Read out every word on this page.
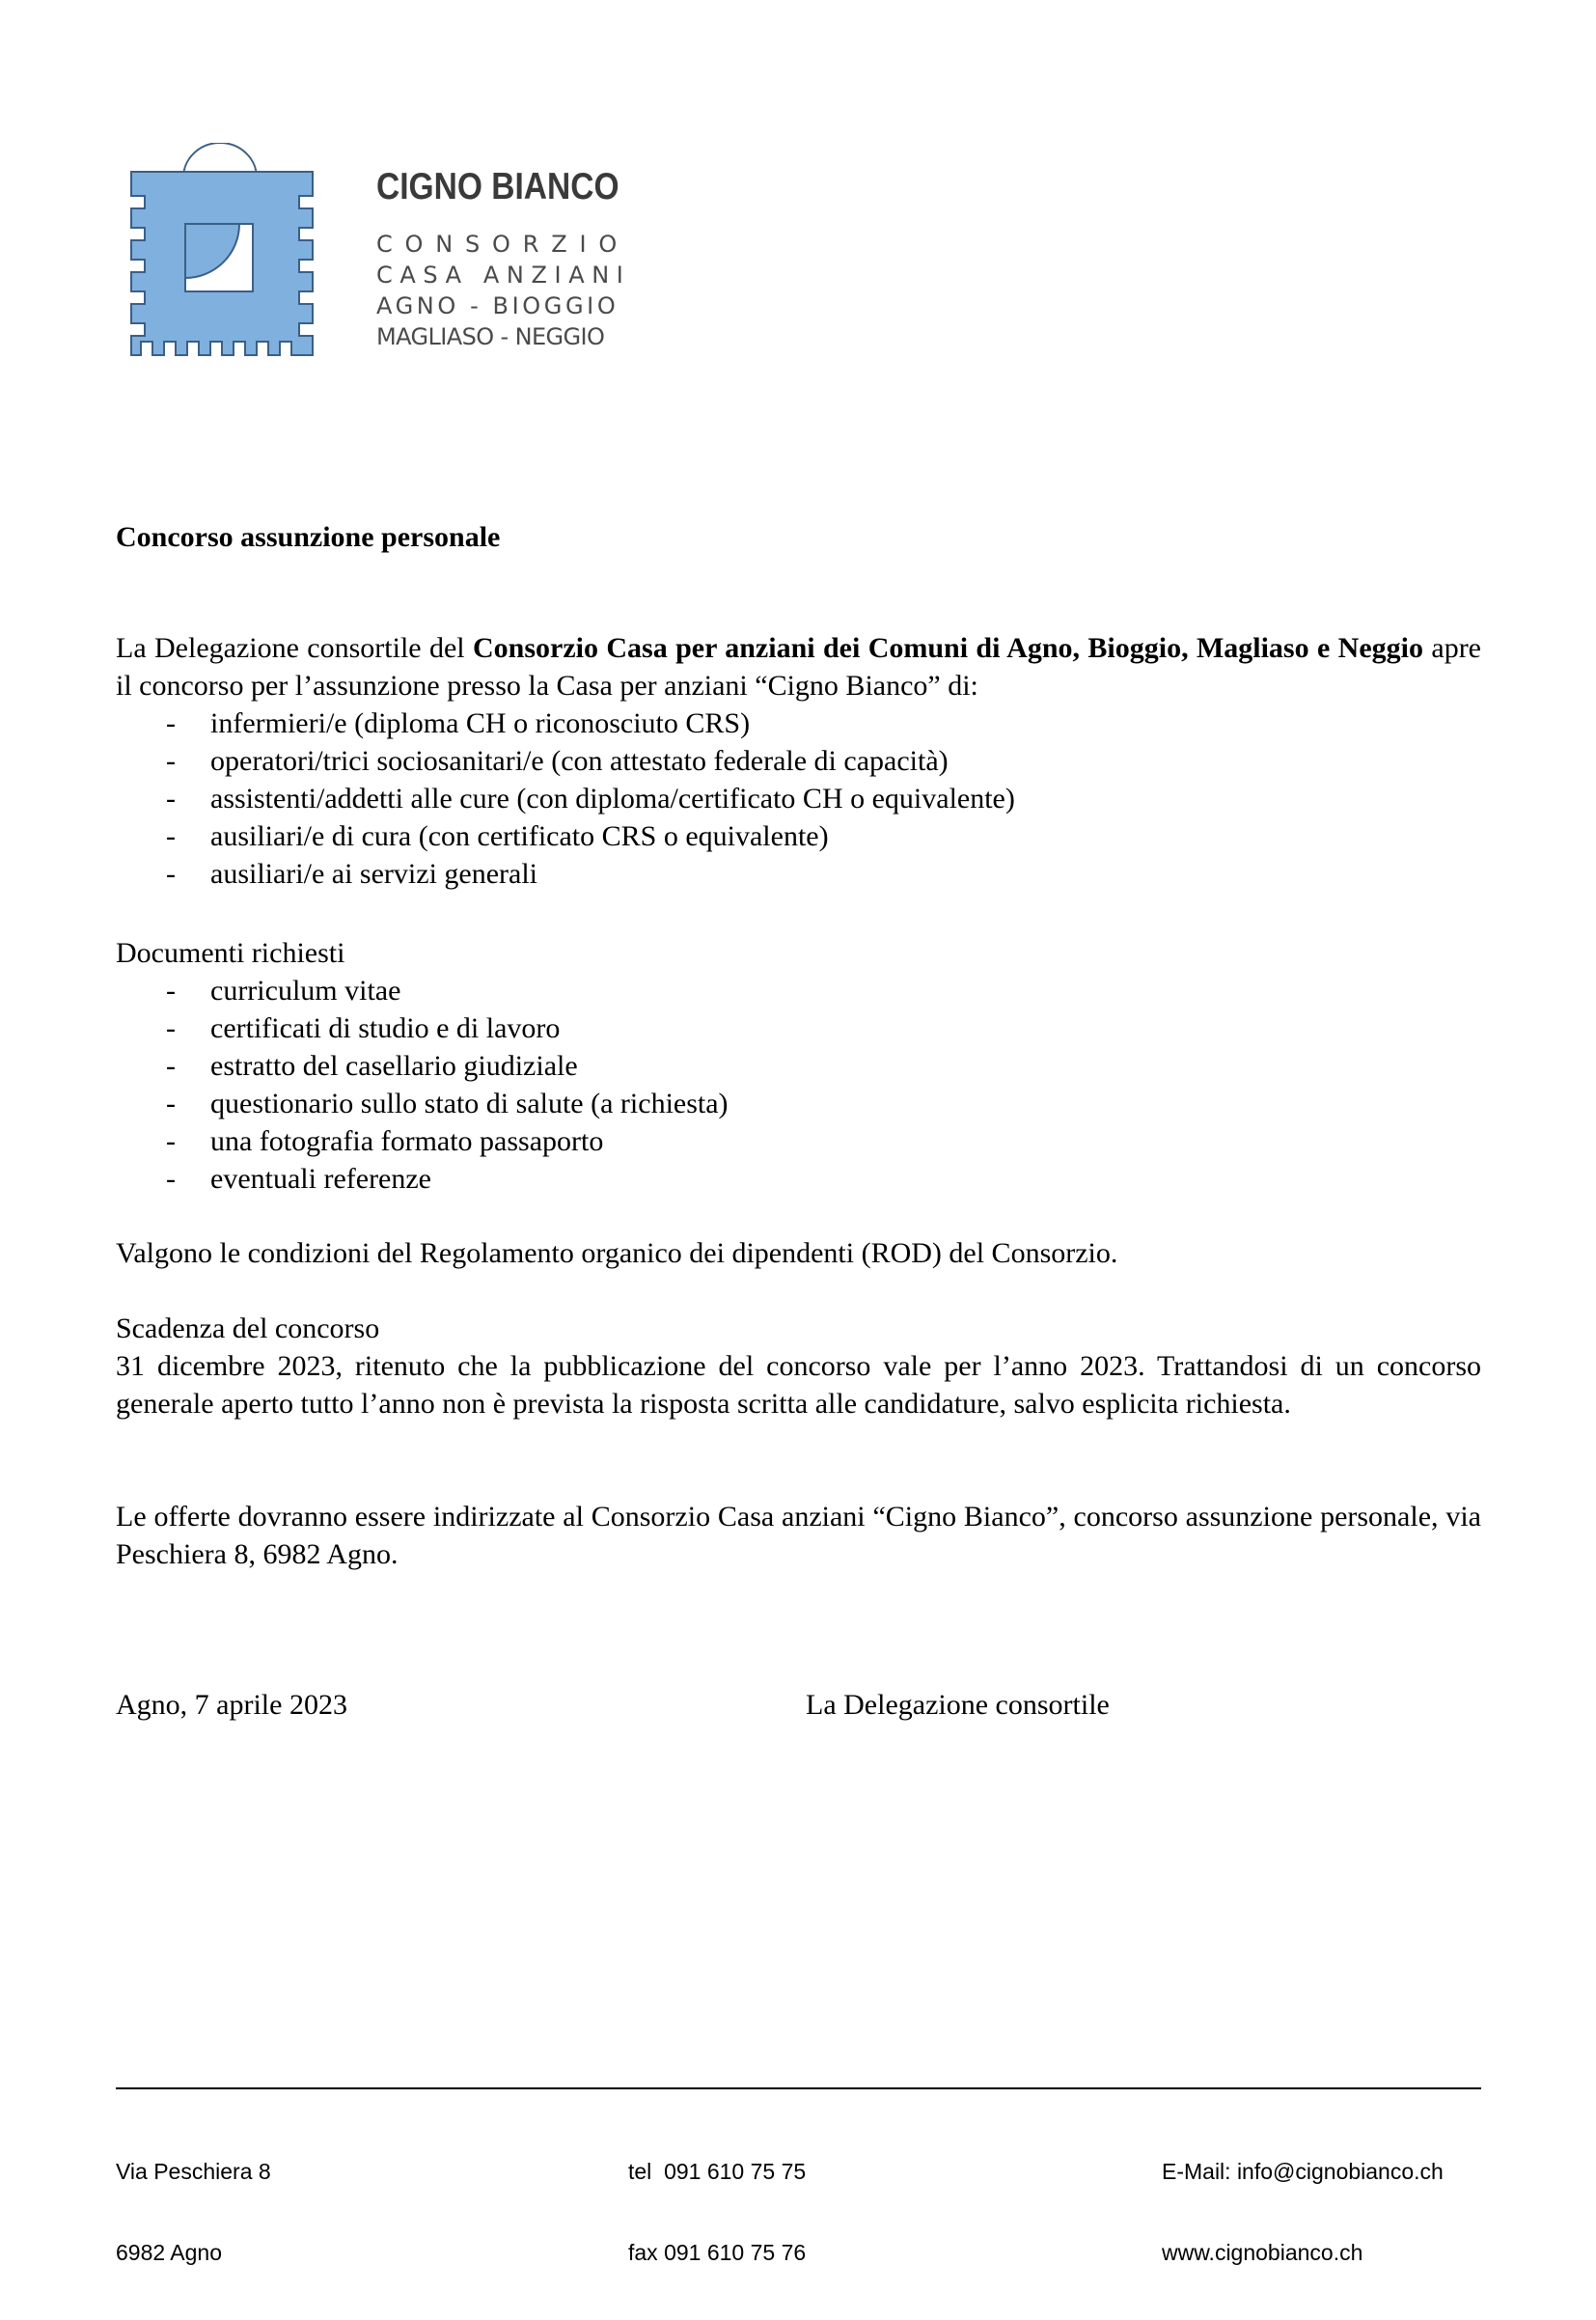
CIGNO BIANCO
CONSORZIO
CASA ANZIANI
AGNO - BIOGGIO
MAGLIASO - NEGGIO
Concorso assunzione personale
La Delegazione consortile del Consorzio Casa per anziani dei Comuni di Agno, Bioggio, Magliaso e Neggio apre il concorso per l’assunzione presso la Casa per anziani “Cigno Bianco” di:
- infermieri/e (diploma CH o riconosciuto CRS)
- operatori/trici sociosanitari/e (con attestato federale di capacità)
- assistenti/addetti alle cure (con diploma/certificato CH o equivalente)
- ausiliari/e di cura (con certificato CRS o equivalente)
- ausiliari/e ai servizi generali
Documenti richiesti
- curriculum vitae
- certificati di studio e di lavoro
- estratto del casellario giudiziale
- questionario sullo stato di salute (a richiesta)
- una fotografia formato passaporto
- eventuali referenze
Valgono le condizioni del Regolamento organico dei dipendenti (ROD) del Consorzio.
Scadenza del concorso
31 dicembre 2023, ritenuto che la pubblicazione del concorso vale per l’anno 2023. Trattandosi di un concorso generale aperto tutto l’anno non è prevista la risposta scritta alle candidature, salvo esplicita richiesta.
Le offerte dovranno essere indirizzate al Consorzio Casa anziani “Cigno Bianco”, concorso assunzione personale, via Peschiera 8, 6982 Agno.
Agno, 7 aprile 2023	La Delegazione consortile

Via Peschiera 8

6982 Agno

tel  091 610 75 75

fax 091 610 75 76

E-Mail: info@cignobianco.ch

www.cignobianco.ch
